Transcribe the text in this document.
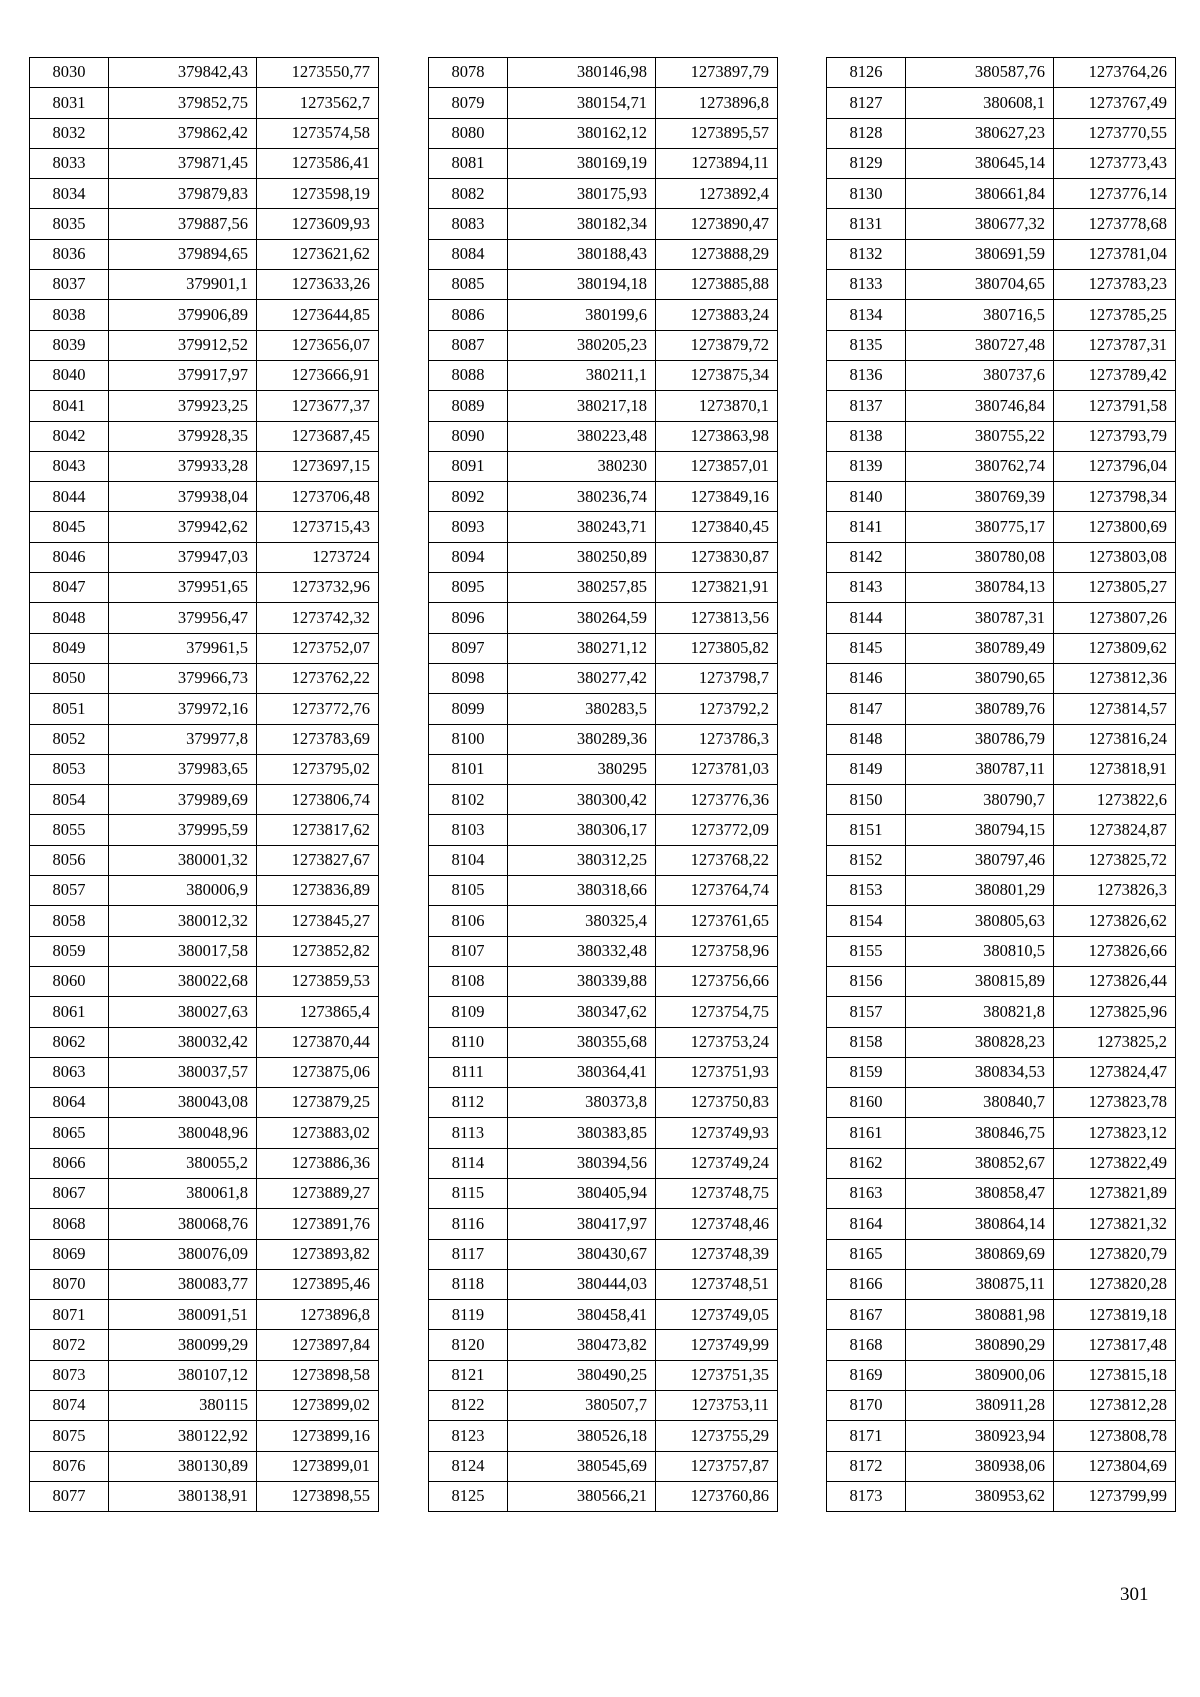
8030	379842,43	1273550,77
8031	379852,75	1273562,7
8032	379862,42	1273574,58
8033	379871,45	1273586,41
8034	379879,83	1273598,19
8035	379887,56	1273609,93
8036	379894,65	1273621,62
8037	379901,1	1273633,26
8038	379906,89	1273644,85
8039	379912,52	1273656,07
8040	379917,97	1273666,91
8041	379923,25	1273677,37
8042	379928,35	1273687,45
8043	379933,28	1273697,15
8044	379938,04	1273706,48
8045	379942,62	1273715,43
8046	379947,03	1273724
8047	379951,65	1273732,96
8048	379956,47	1273742,32
8049	379961,5	1273752,07
8050	379966,73	1273762,22
8051	379972,16	1273772,76
8052	379977,8	1273783,69
8053	379983,65	1273795,02
8054	379989,69	1273806,74
8055	379995,59	1273817,62
8056	380001,32	1273827,67
8057	380006,9	1273836,89
8058	380012,32	1273845,27
8059	380017,58	1273852,82
8060	380022,68	1273859,53
8061	380027,63	1273865,4
8062	380032,42	1273870,44
8063	380037,57	1273875,06
8064	380043,08	1273879,25
8065	380048,96	1273883,02
8066	380055,2	1273886,36
8067	380061,8	1273889,27
8068	380068,76	1273891,76
8069	380076,09	1273893,82
8070	380083,77	1273895,46
8071	380091,51	1273896,8
8072	380099,29	1273897,84
8073	380107,12	1273898,58
8074	380115	1273899,02
8075	380122,92	1273899,16
8076	380130,89	1273899,01
8077	380138,91	1273898,55
8078	380146,98	1273897,79
8079	380154,71	1273896,8
8080	380162,12	1273895,57
8081	380169,19	1273894,11
8082	380175,93	1273892,4
8083	380182,34	1273890,47
8084	380188,43	1273888,29
8085	380194,18	1273885,88
8086	380199,6	1273883,24
8087	380205,23	1273879,72
8088	380211,1	1273875,34
8089	380217,18	1273870,1
8090	380223,48	1273863,98
8091	380230	1273857,01
8092	380236,74	1273849,16
8093	380243,71	1273840,45
8094	380250,89	1273830,87
8095	380257,85	1273821,91
8096	380264,59	1273813,56
8097	380271,12	1273805,82
8098	380277,42	1273798,7
8099	380283,5	1273792,2
8100	380289,36	1273786,3
8101	380295	1273781,03
8102	380300,42	1273776,36
8103	380306,17	1273772,09
8104	380312,25	1273768,22
8105	380318,66	1273764,74
8106	380325,4	1273761,65
8107	380332,48	1273758,96
8108	380339,88	1273756,66
8109	380347,62	1273754,75
8110	380355,68	1273753,24
8111	380364,41	1273751,93
8112	380373,8	1273750,83
8113	380383,85	1273749,93
8114	380394,56	1273749,24
8115	380405,94	1273748,75
8116	380417,97	1273748,46
8117	380430,67	1273748,39
8118	380444,03	1273748,51
8119	380458,41	1273749,05
8120	380473,82	1273749,99
8121	380490,25	1273751,35
8122	380507,7	1273753,11
8123	380526,18	1273755,29
8124	380545,69	1273757,87
8125	380566,21	1273760,86
8126	380587,76	1273764,26
8127	380608,1	1273767,49
8128	380627,23	1273770,55
8129	380645,14	1273773,43
8130	380661,84	1273776,14
8131	380677,32	1273778,68
8132	380691,59	1273781,04
8133	380704,65	1273783,23
8134	380716,5	1273785,25
8135	380727,48	1273787,31
8136	380737,6	1273789,42
8137	380746,84	1273791,58
8138	380755,22	1273793,79
8139	380762,74	1273796,04
8140	380769,39	1273798,34
8141	380775,17	1273800,69
8142	380780,08	1273803,08
8143	380784,13	1273805,27
8144	380787,31	1273807,26
8145	380789,49	1273809,62
8146	380790,65	1273812,36
8147	380789,76	1273814,57
8148	380786,79	1273816,24
8149	380787,11	1273818,91
8150	380790,7	1273822,6
8151	380794,15	1273824,87
8152	380797,46	1273825,72
8153	380801,29	1273826,3
8154	380805,63	1273826,62
8155	380810,5	1273826,66
8156	380815,89	1273826,44
8157	380821,8	1273825,96
8158	380828,23	1273825,2
8159	380834,53	1273824,47
8160	380840,7	1273823,78
8161	380846,75	1273823,12
8162	380852,67	1273822,49
8163	380858,47	1273821,89
8164	380864,14	1273821,32
8165	380869,69	1273820,79
8166	380875,11	1273820,28
8167	380881,98	1273819,18
8168	380890,29	1273817,48
8169	380900,06	1273815,18
8170	380911,28	1273812,28
8171	380923,94	1273808,78
8172	380938,06	1273804,69
8173	380953,62	1273799,99
301
